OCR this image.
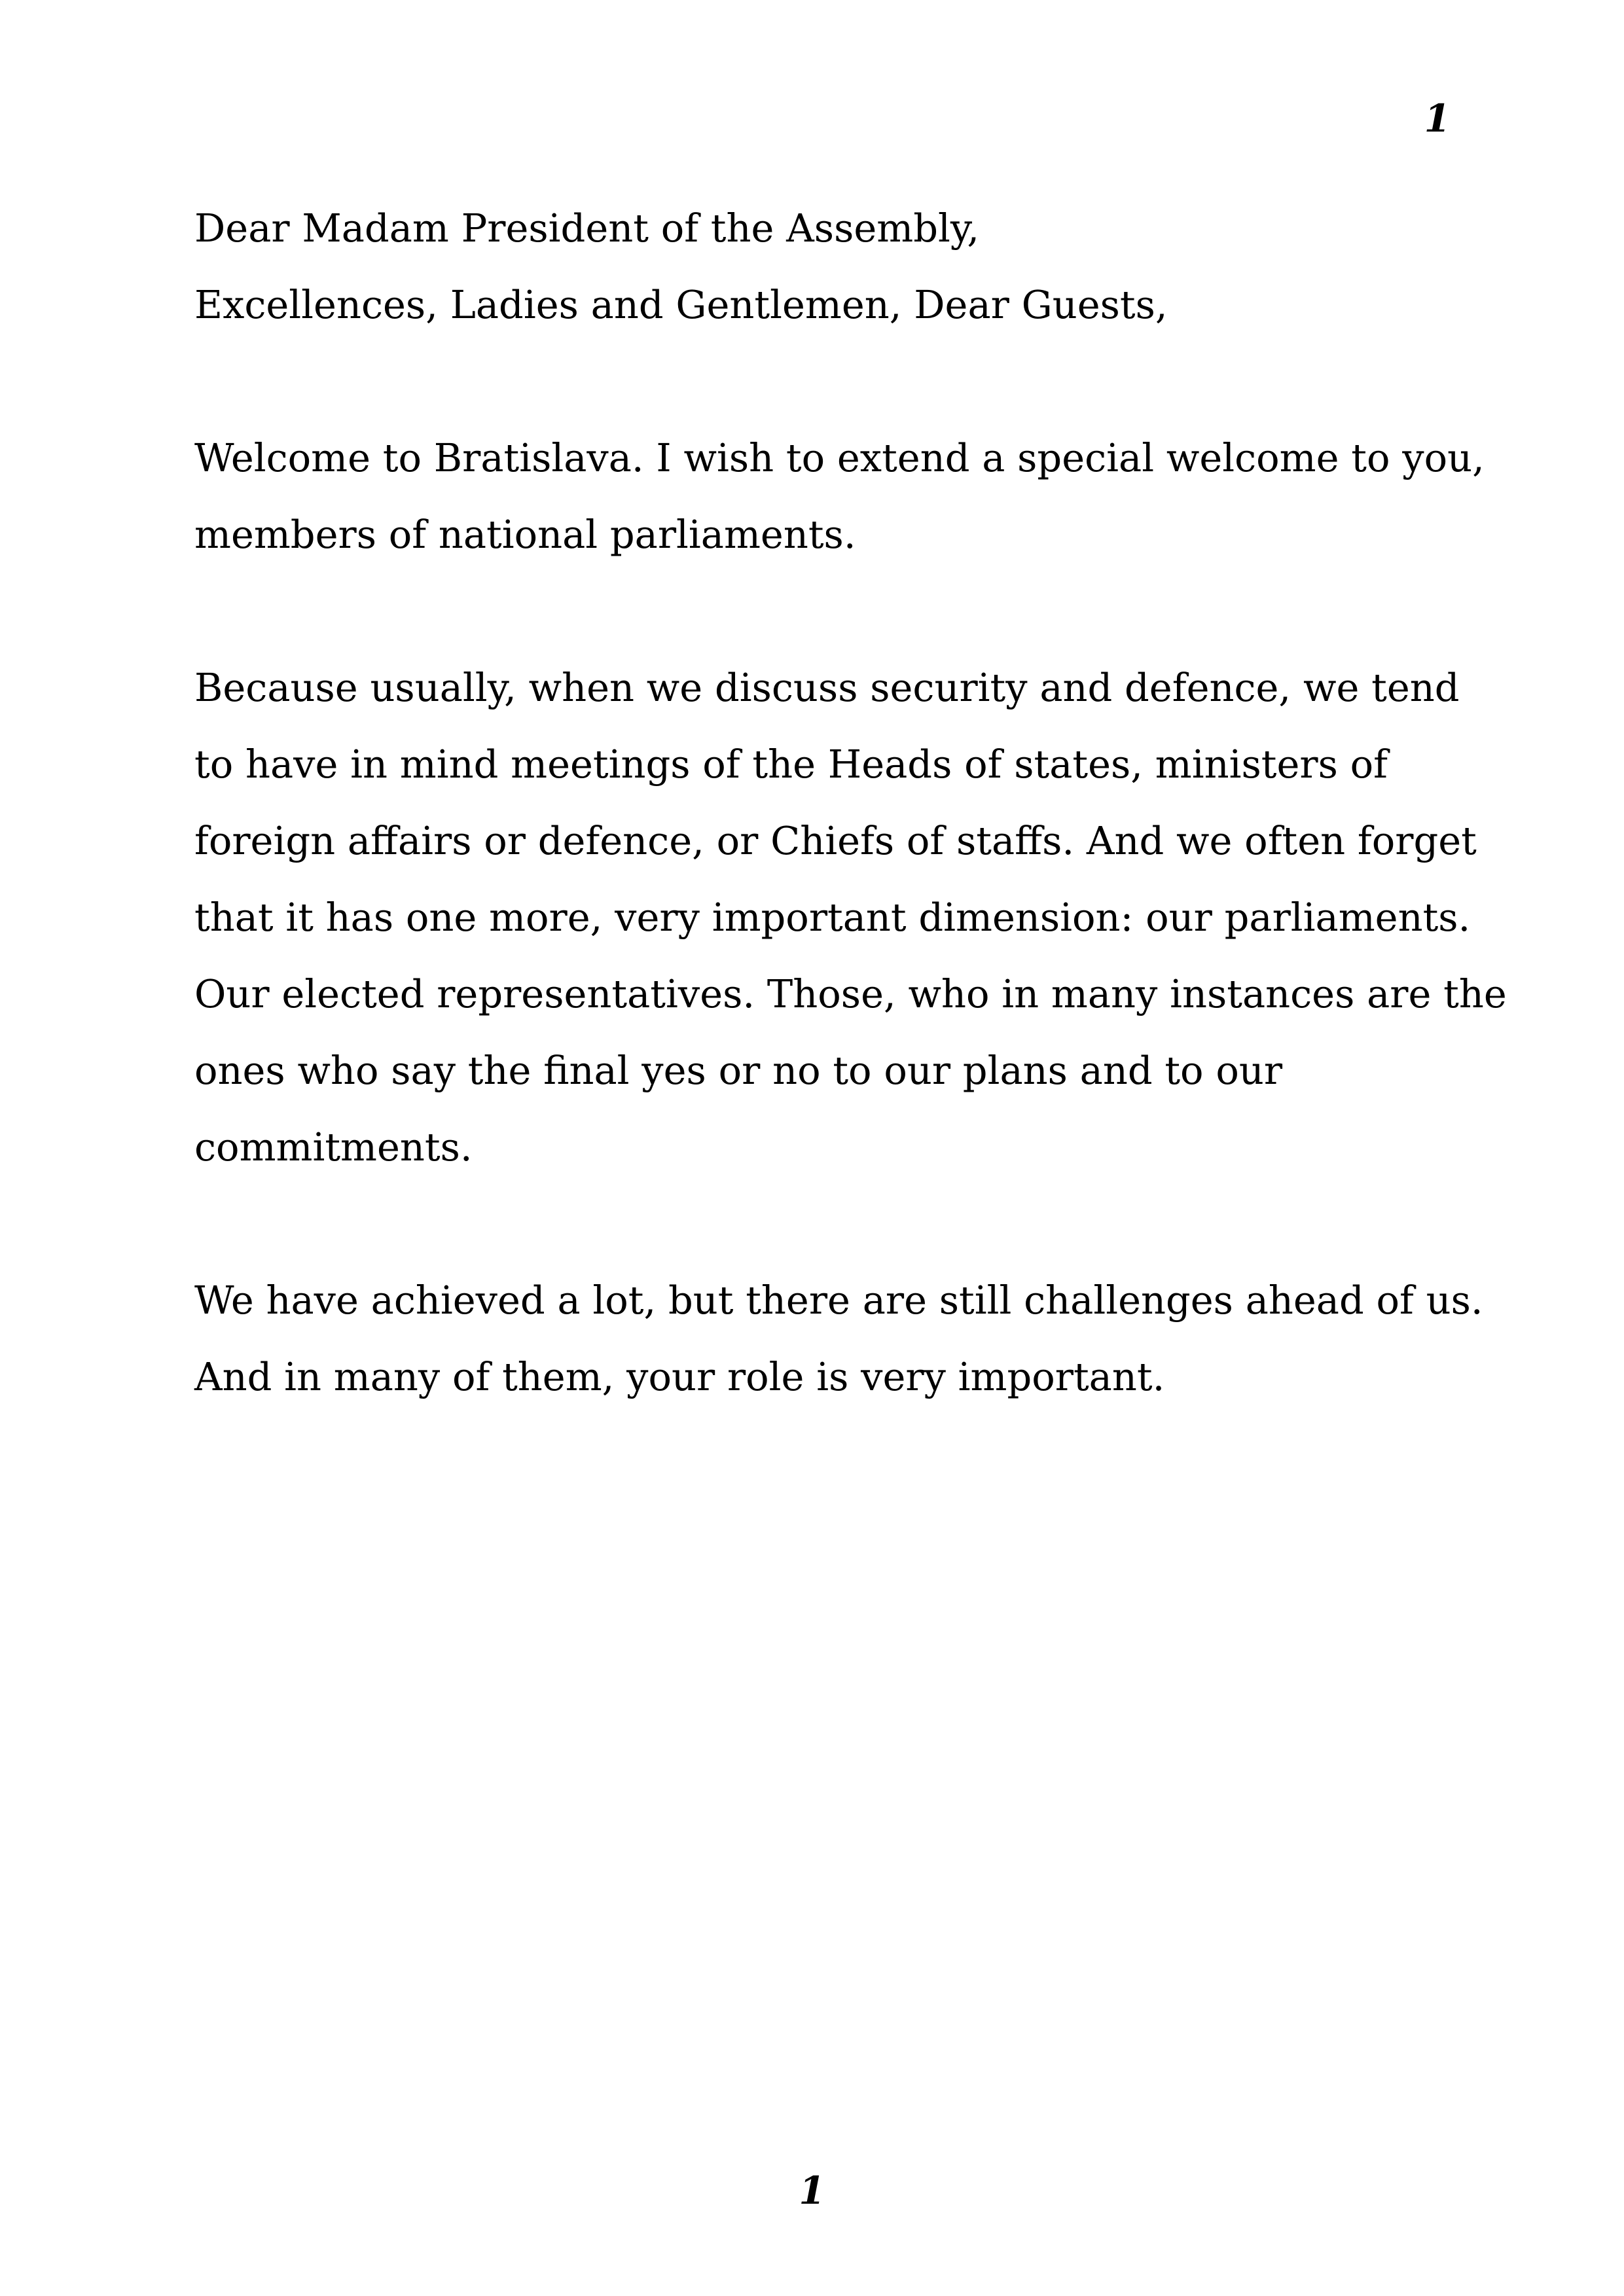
1
Dear Madam President of the Assembly,
Excellences, Ladies and Gentlemen, Dear Guests,
Welcome to Bratislava. I wish to extend a special welcome to you,
members of national parliaments.
Because usually, when we discuss security and defence, we tend
to have in mind meetings of the Heads of states, ministers of
foreign affairs or defence, or Chiefs of staffs. And we often forget
that it has one more, very important dimension: our parliaments.
Our elected representatives. Those, who in many instances are the
ones who say the final yes or no to our plans and to our
commitments.
We have achieved a lot, but there are still challenges ahead of us.
And in many of them, your role is very important.
1
